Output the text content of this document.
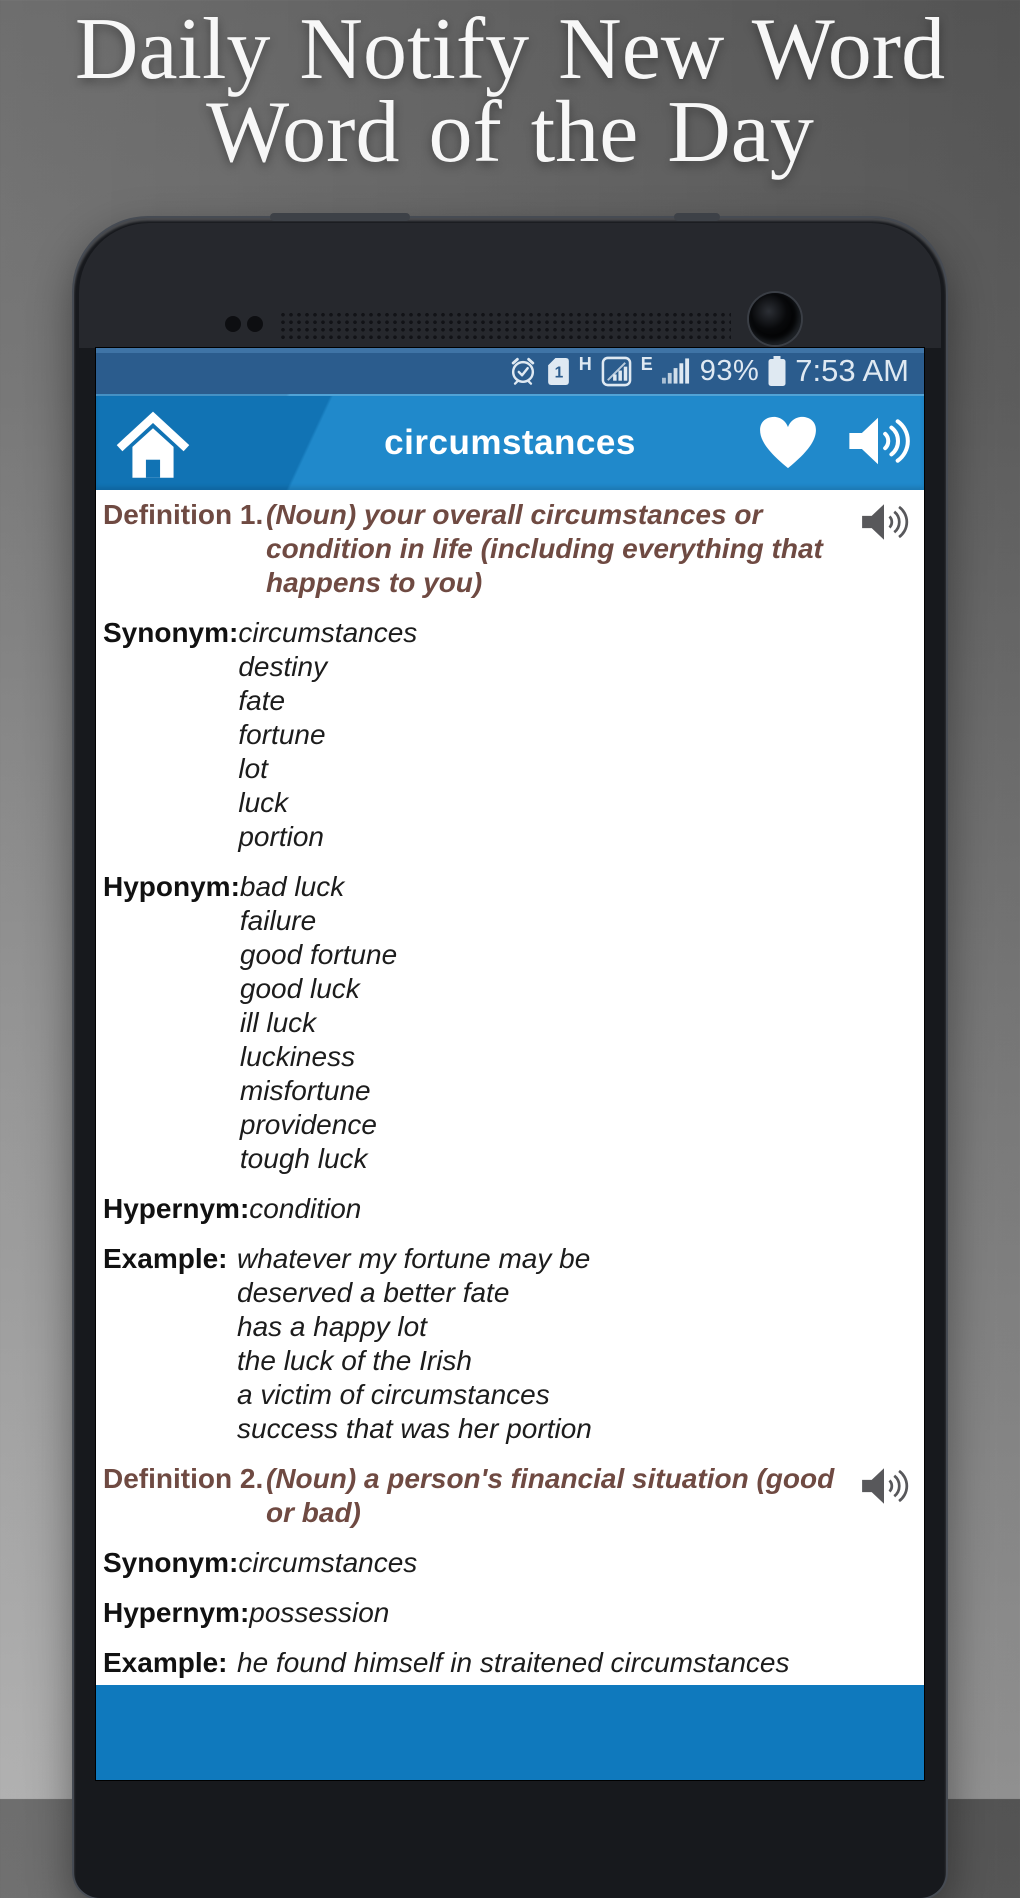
Daily Notify New Word
Word of the Day
1 H	E 93% 7:53 AM
circumstances
Definition 1. (Noun) your overall circumstances or condition in life (including everything that happens to you)
Synonym: circumstances
destiny
fate
fortune
lot
luck
portion
Hyponym: bad luck
failure
good fortune
good luck
ill luck
luckiness
misfortune
providence
tough luck
Hypernym: condition
Example: whatever my fortune may be
deserved a better fate
has a happy lot
the luck of the Irish
a victim of circumstances
success that was her portion
Definition 2. (Noun) a person's financial situation (good or bad)
Synonym: circumstances
Hypernym: possession
Example: he found himself in straitened circumstances
